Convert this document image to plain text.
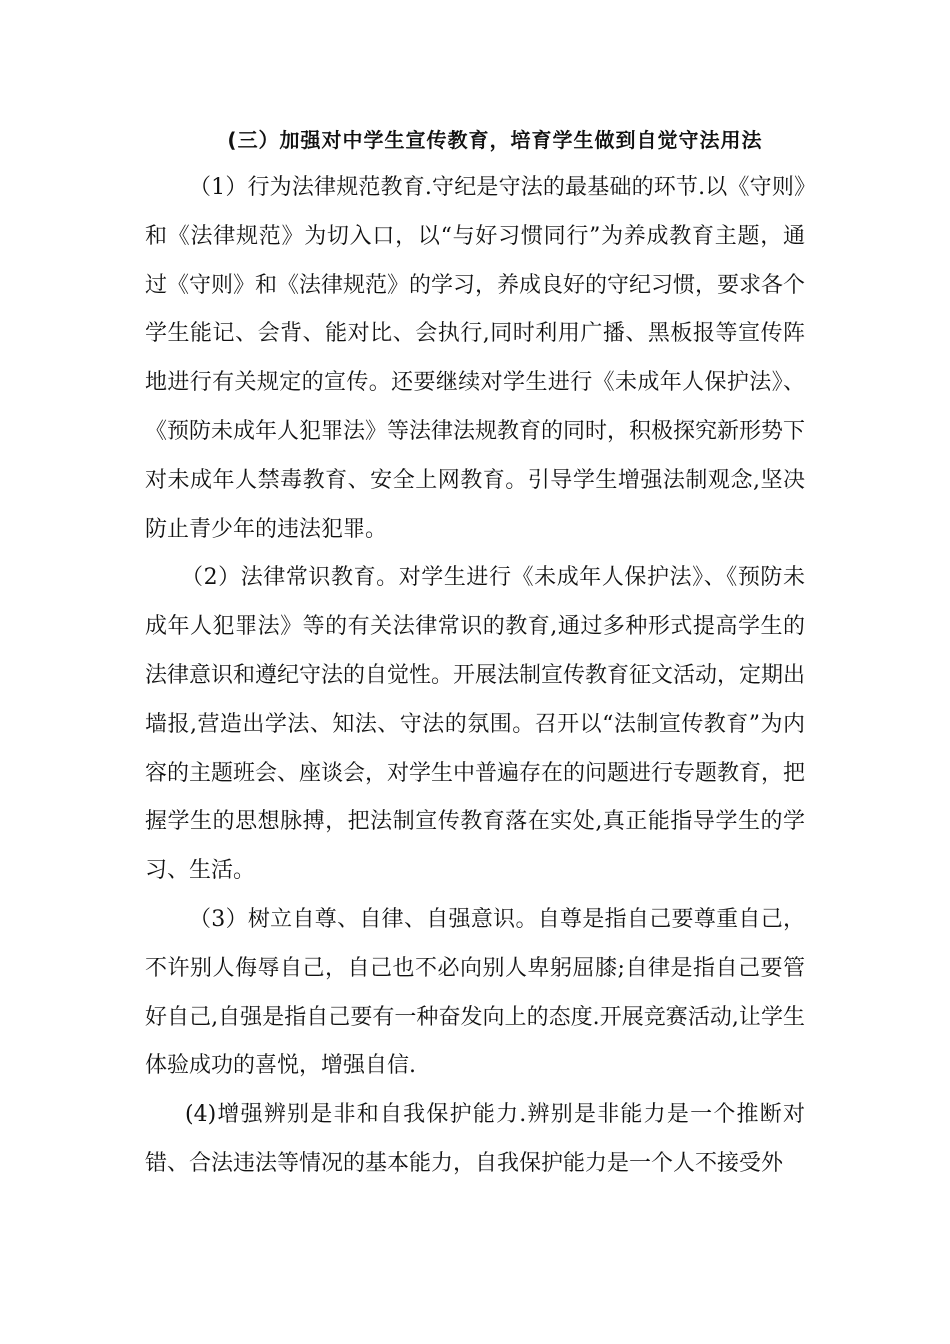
(三）加强对中学生宣传教育，培育学生做到自觉守法用法

（1）行为法律规范教育.守纪是守法的最基础的环节.以《守则》和《法律规范》为切入口，以“与好习惯同行”为养成教育主题，通过《守则》和《法律规范》的学习，养成良好的守纪习惯，要求各个学生能记、会背、能对比、会执行,同时利用广播、黑板报等宣传阵地进行有关规定的宣传。还要继续对学生进行《未成年人保护法》、《预防未成年人犯罪法》等法律法规教育的同时，积极探究新形势下对未成年人禁毒教育、安全上网教育。引导学生增强法制观念,坚决防止青少年的违法犯罪。

（2）法律常识教育。对学生进行《未成年人保护法》、《预防未成年人犯罪法》等的有关法律常识的教育,通过多种形式提高学生的法律意识和遵纪守法的自觉性。开展法制宣传教育征文活动，定期出墙报,营造出学法、知法、守法的氛围。召开以“法制宣传教育”为内容的主题班会、座谈会，对学生中普遍存在的问题进行专题教育，把握学生的思想脉搏，把法制宣传教育落在实处,真正能指导学生的学习、生活。

（3）树立自尊、自律、自强意识。自尊是指自己要尊重自己，不许别人侮辱自己，自己也不必向别人卑躬屈膝;自律是指自己要管好自己,自强是指自己要有一种奋发向上的态度.开展竞赛活动,让学生体验成功的喜悦，增强自信.

(4)增强辨别是非和自我保护能力.辨别是非能力是一个推断对错、合法违法等情况的基本能力，自我保护能力是一个人不接受外
